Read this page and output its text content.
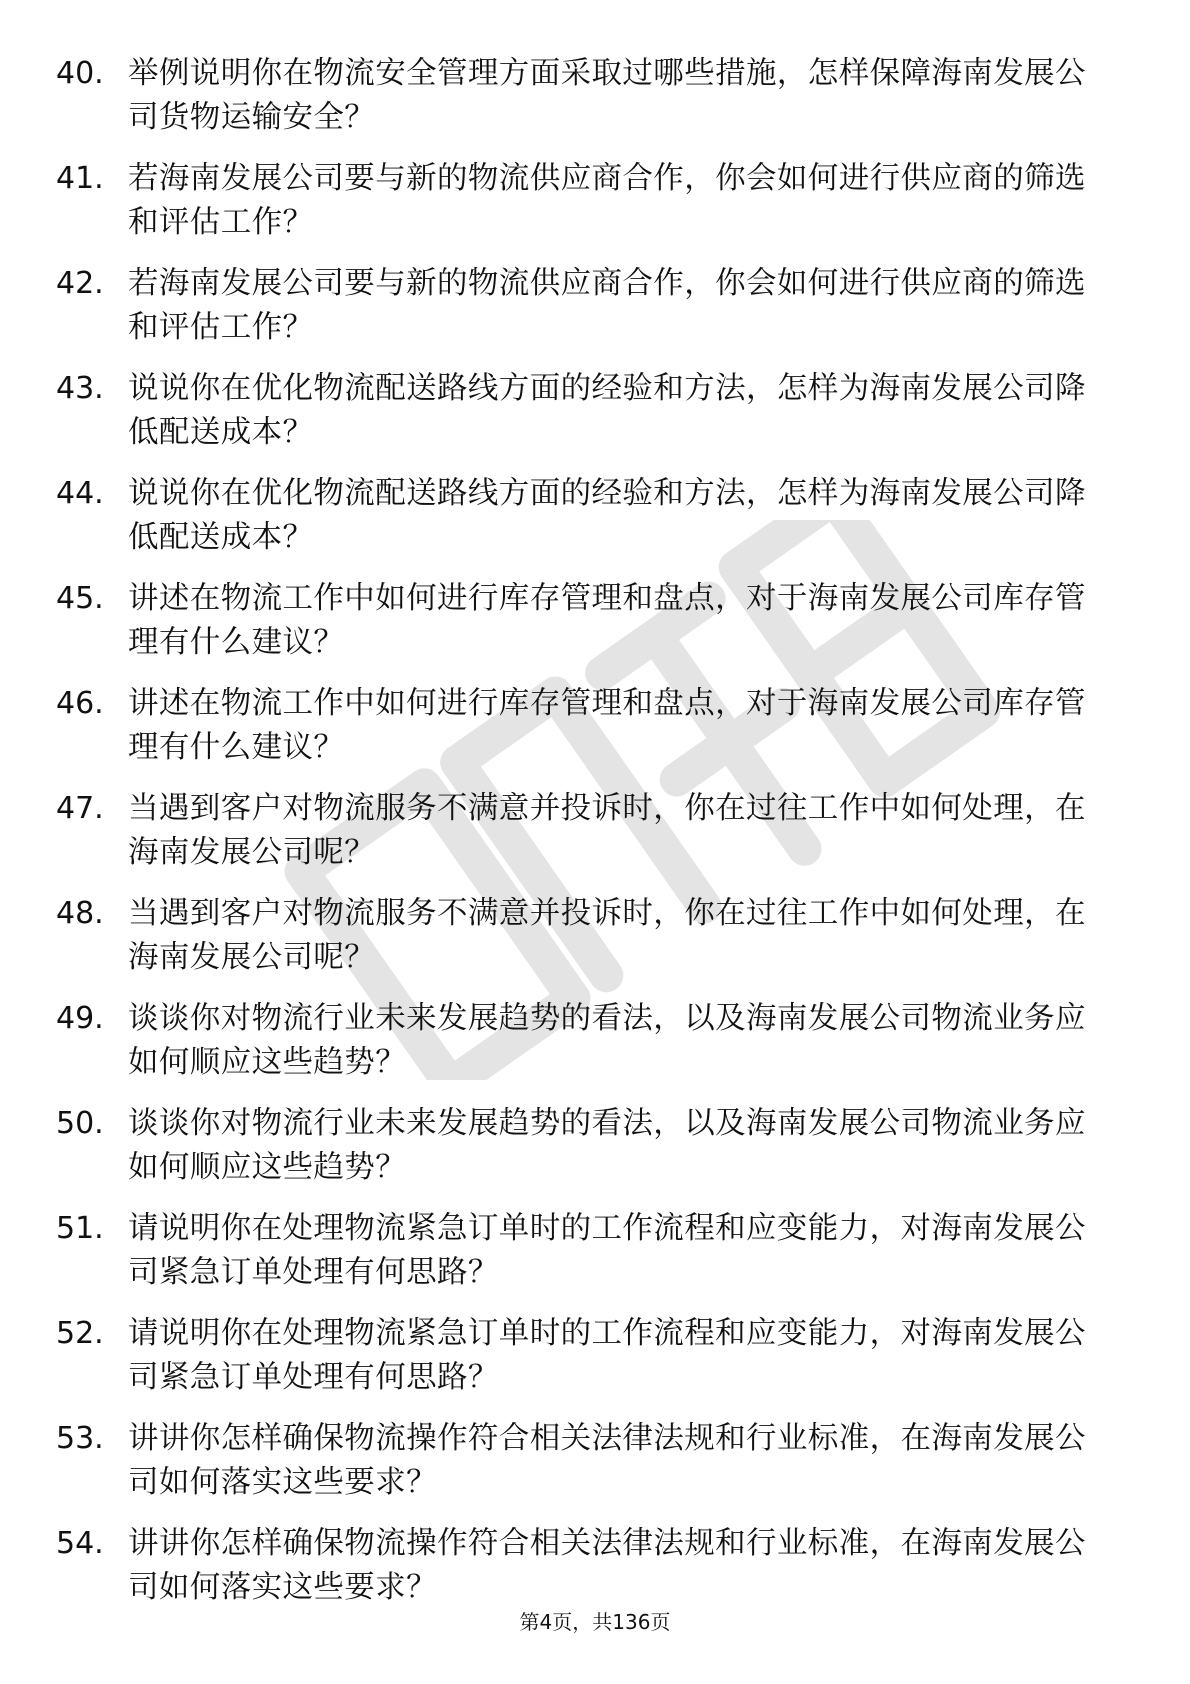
40. 举例说明你在物流安全管理方面采取过哪些措施，怎样保障海南发展公司货物运输安全？
41. 若海南发展公司要与新的物流供应商合作，你会如何进行供应商的筛选和评估工作？
42. 若海南发展公司要与新的物流供应商合作，你会如何进行供应商的筛选和评估工作？
43. 说说你在优化物流配送路线方面的经验和方法，怎样为海南发展公司降低配送成本？
44. 说说你在优化物流配送路线方面的经验和方法，怎样为海南发展公司降低配送成本？
45. 讲述在物流工作中如何进行库存管理和盘点，对于海南发展公司库存管理有什么建议？
46. 讲述在物流工作中如何进行库存管理和盘点，对于海南发展公司库存管理有什么建议？
47. 当遇到客户对物流服务不满意并投诉时，你在过往工作中如何处理，在海南发展公司呢？
48. 当遇到客户对物流服务不满意并投诉时，你在过往工作中如何处理，在海南发展公司呢？
49. 谈谈你对物流行业未来发展趋势的看法，以及海南发展公司物流业务应如何顺应这些趋势？
50. 谈谈你对物流行业未来发展趋势的看法，以及海南发展公司物流业务应如何顺应这些趋势？
51. 请说明你在处理物流紧急订单时的工作流程和应变能力，对海南发展公司紧急订单处理有何思路？
52. 请说明你在处理物流紧急订单时的工作流程和应变能力，对海南发展公司紧急订单处理有何思路？
53. 讲讲你怎样确保物流操作符合相关法律法规和行业标准，在海南发展公司如何落实这些要求？
54. 讲讲你怎样确保物流操作符合相关法律法规和行业标准，在海南发展公司如何落实这些要求？
第4页，共136页
